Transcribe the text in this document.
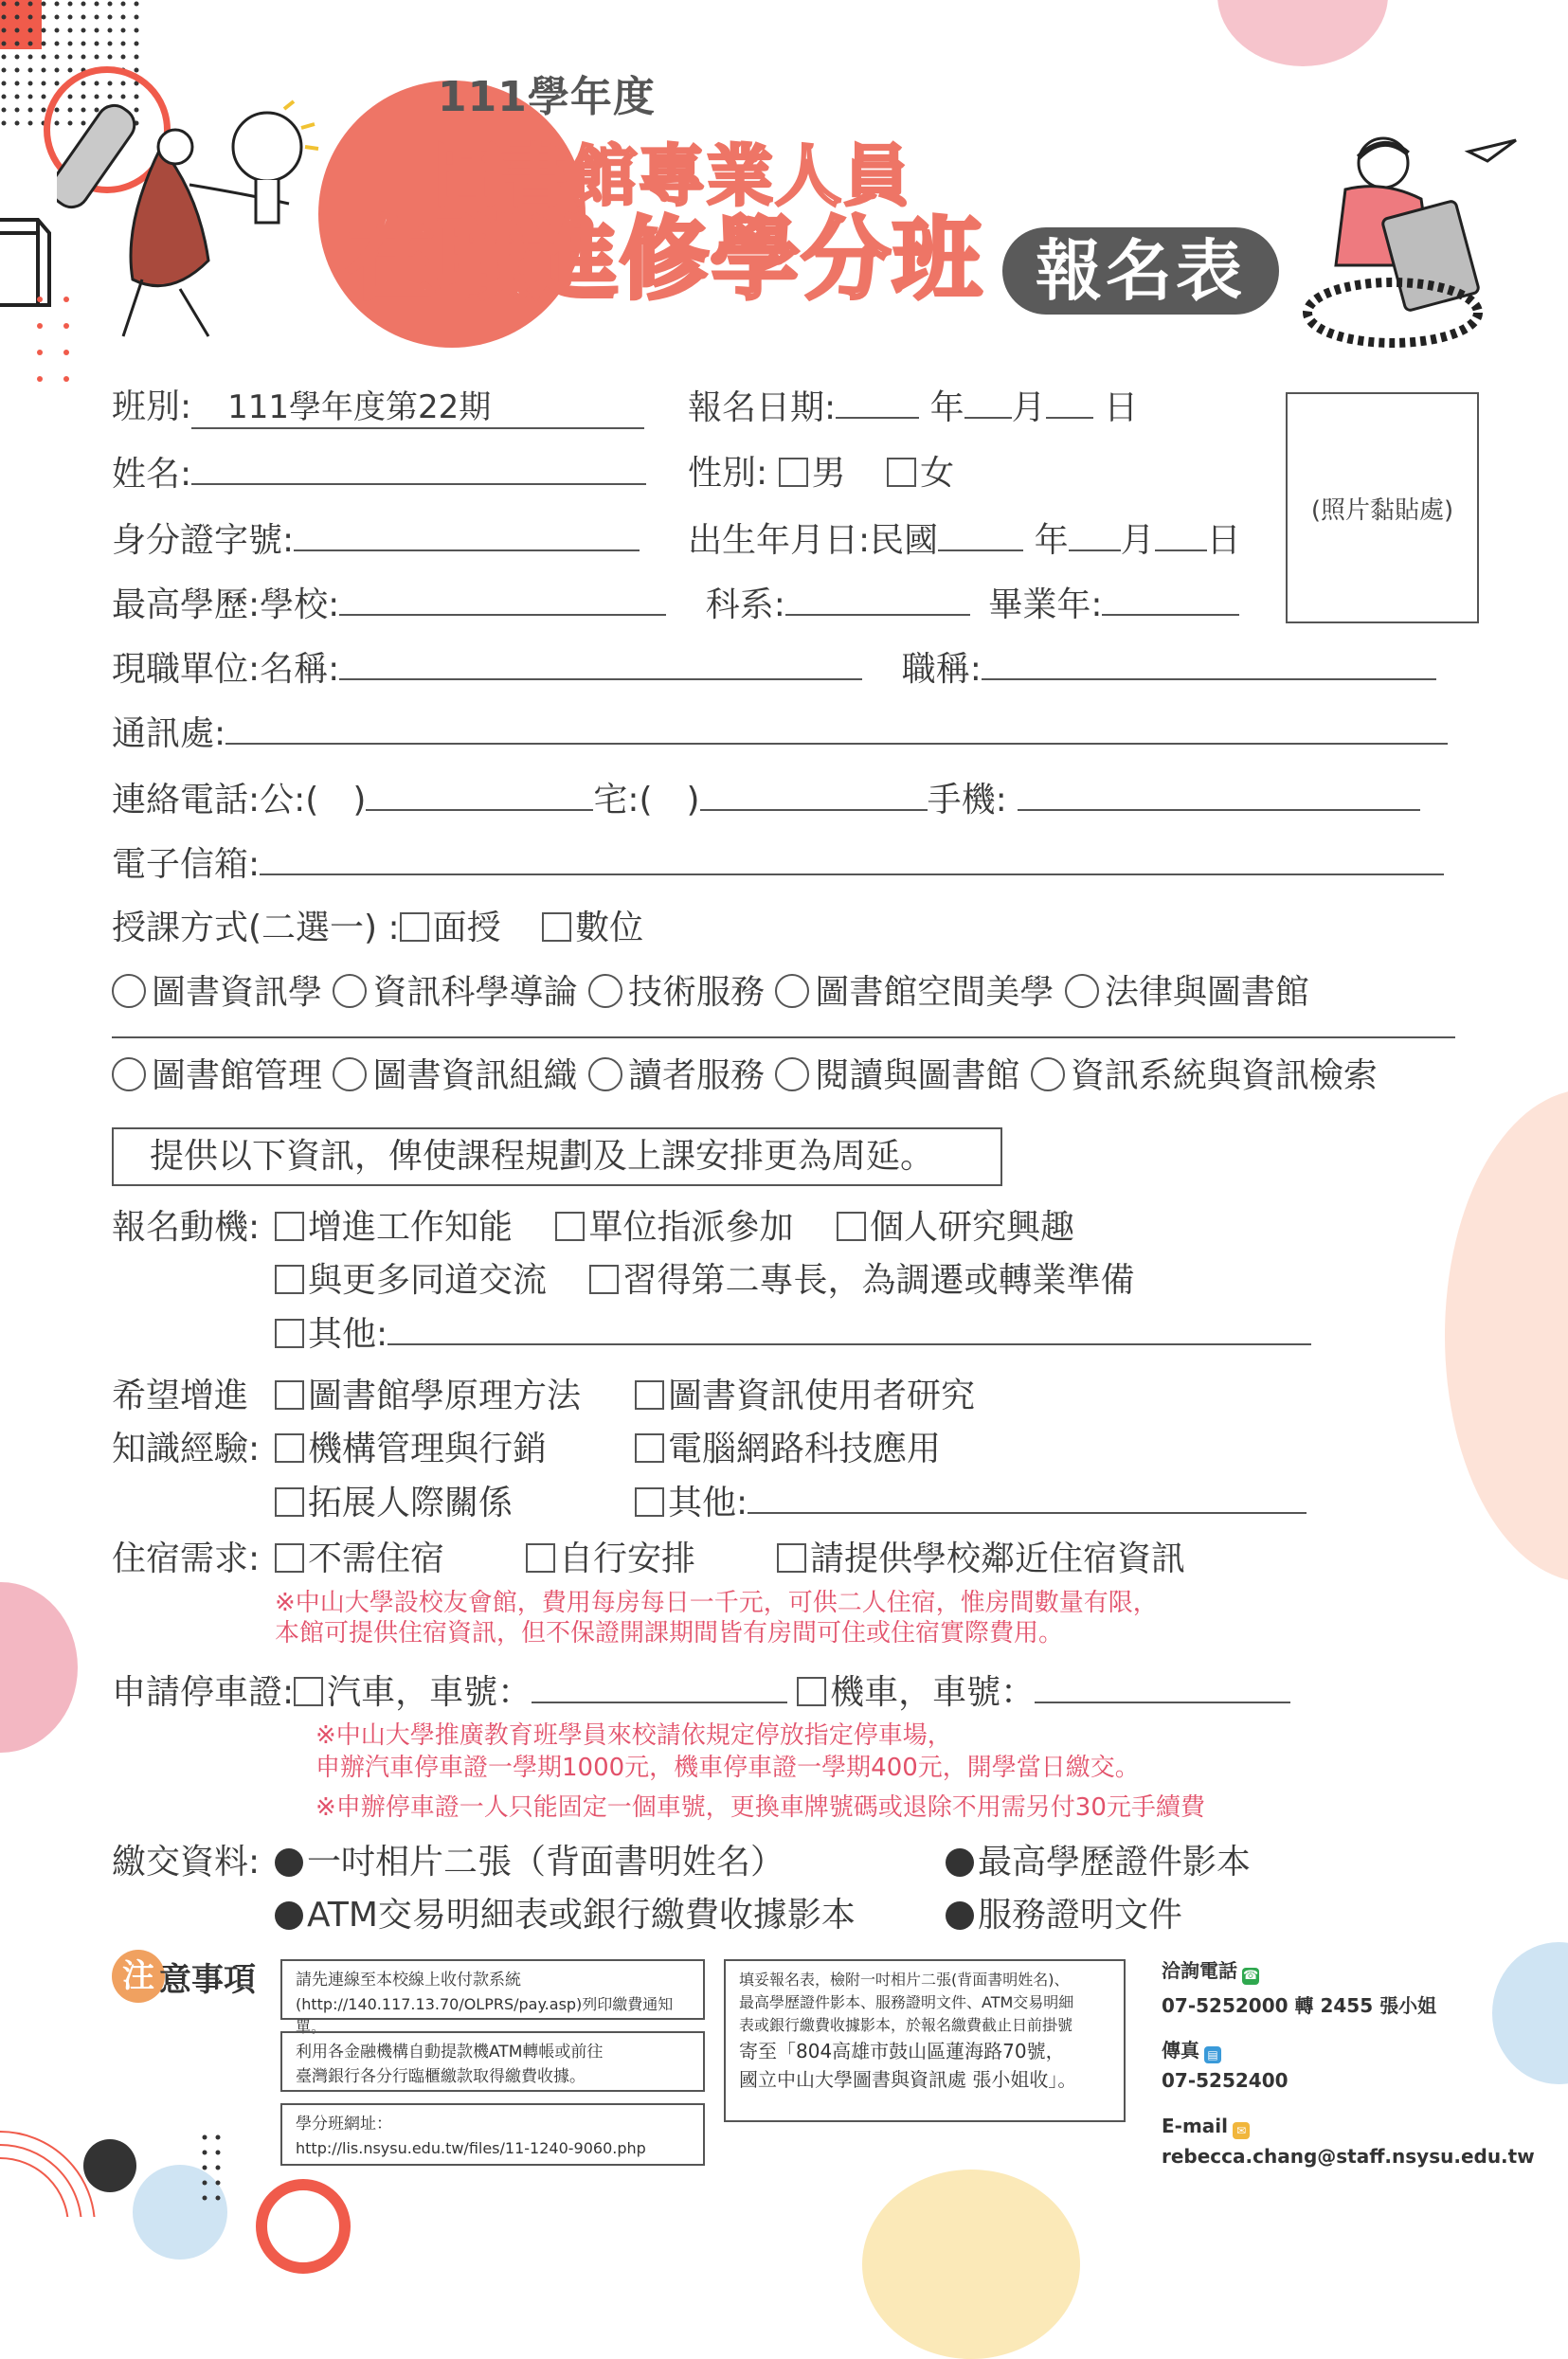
111學年度
圖書館專業人員
在職進修學分班 報名表
(照片黏貼處)
班別: 111學年度第22期	報名日期:	年 月 日
姓名:	性別: 男 女
身分證字號:	出生年月日:民國	年 月 日
最高學歷:學校:	科系:	畢業年:
現職單位:名稱:	職稱:
通訊處:
連絡電話:公:(　)	宅:(　)	手機:
電子信箱:
授課方式(二選一) : 面授 數位
圖書資訊學 資訊科學導論 技術服務 圖書館空間美學 法律與圖書館
圖書館管理 圖書資訊組織 讀者服務 閱讀與圖書館 資訊系統與資訊檢索
提供以下資訊，俾使課程規劃及上課安排更為周延。
報名動機:	增進工作知能 單位指派參加 個人研究興趣
與更多同道交流 習得第二專長，為調遷或轉業準備
其他:
希望增進
知識經驗:
圖書館學原理方法	圖書資訊使用者研究
機構管理與行銷	電腦網路科技應用
拓展人際關係	其他:
住宿需求:	不需住宿	自行安排	請提供學校鄰近住宿資訊
※中山大學設校友會館，費用每房每日一千元，可供二人住宿，惟房間數量有限，
本館可提供住宿資訊，但不保證開課期間皆有房間可住或住宿實際費用。
申請停車證: 汽車，車號：	機車，車號：
※中山大學推廣教育班學員來校請依規定停放指定停車場，
申辦汽車停車證一學期1000元，機車停車證一學期400元，開學當日繳交。
※申辦停車證一人只能固定一個車號，更換車牌號碼或退除不用需另付30元手續費
繳交資料:	一吋相片二張（背面書明姓名）	最高學歷證件影本
ATM交易明細表或銀行繳費收據影本	服務證明文件
注 意事項 請先連線至本校線上收付款系統
(http://140.117.13.70/OLPRS/pay.asp)列印繳費通知單。
利用各金融機構自動提款機ATM轉帳或前往
臺灣銀行各分行臨櫃繳款取得繳費收據。
學分班網址：
http://lis.nsysu.edu.tw/files/11-1240-9060.php
填妥報名表，檢附一吋相片二張(背面書明姓名)、
最高學歷證件影本、服務證明文件、ATM交易明細
表或銀行繳費收據影本，於報名繳費截止日前掛號
寄至「804高雄市鼓山區蓮海路70號，
國立中山大學圖書與資訊處 張小姐收」。
洽詢電話 ☎
07-5252000 轉 2455 張小姐
傳真 ▤
07-5252400
E-mail ✉
rebecca.chang@staff.nsysu.edu.tw
